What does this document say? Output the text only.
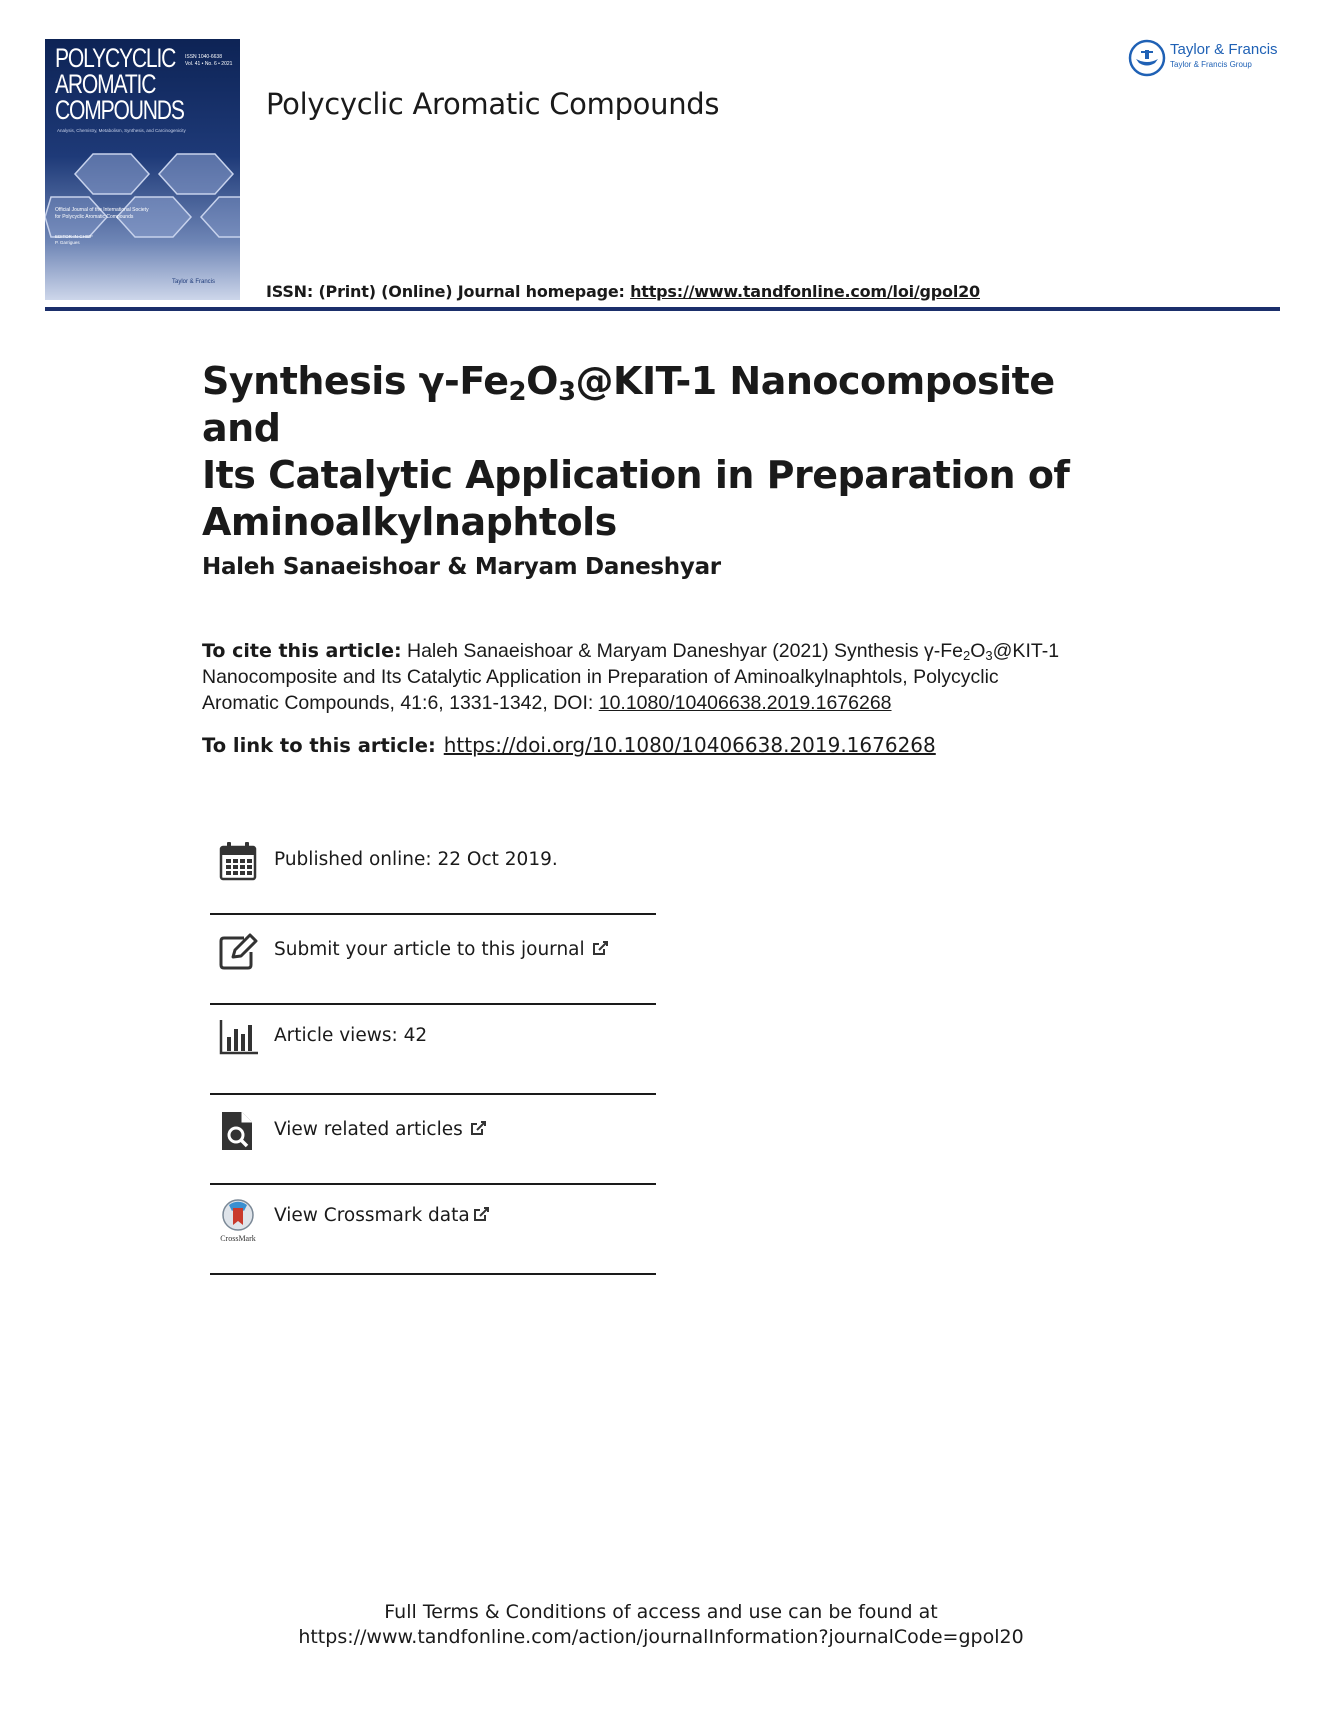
POLYCYCLIC
AROMATIC
COMPOUNDS
ISSN 1040-6638
Vol. 41 • No. 6 • 2021
Analysis, Chemistry, Metabolism, Synthesis, and Carcinogenicity
Official Journal of the International Society for Polycyclic Aromatic Compounds
EDITOR-IN-CHIEF
P. Garrigues
Taylor & Francis
Polycyclic Aromatic Compounds
ISSN: (Print) (Online) Journal homepage: https://www.tandfonline.com/loi/gpol20
Taylor & Francis
Taylor & Francis Group
Synthesis $\gamma-Fe_2O_3@KIT-1$ Nanocomposite and
Its Catalytic Application in Preparation of
Aminoalkylnaphtols
Haleh Sanaeishoar & Maryam Daneshyar
To cite this article: Haleh Sanaeishoar & Maryam Daneshyar (2021) Synthesis $\gamma-Fe_2O_3@KIT-1$
Nanocomposite and Its Catalytic Application in Preparation of Aminoalkylnaphtols, Polycyclic
Aromatic Compounds, 41:6, 1331-1342, DOI: 10.1080/10406638.2019.1676268
To link to this article: https://doi.org/10.1080/10406638.2019.1676268
Published online: 22 Oct 2019.
Submit your article to this journal
Article views: 42
View related articles
CrossMark
View Crossmark data
Full Terms & Conditions of access and use can be found at
https://www.tandfonline.com/action/journalInformation?journalCode=gpol20
